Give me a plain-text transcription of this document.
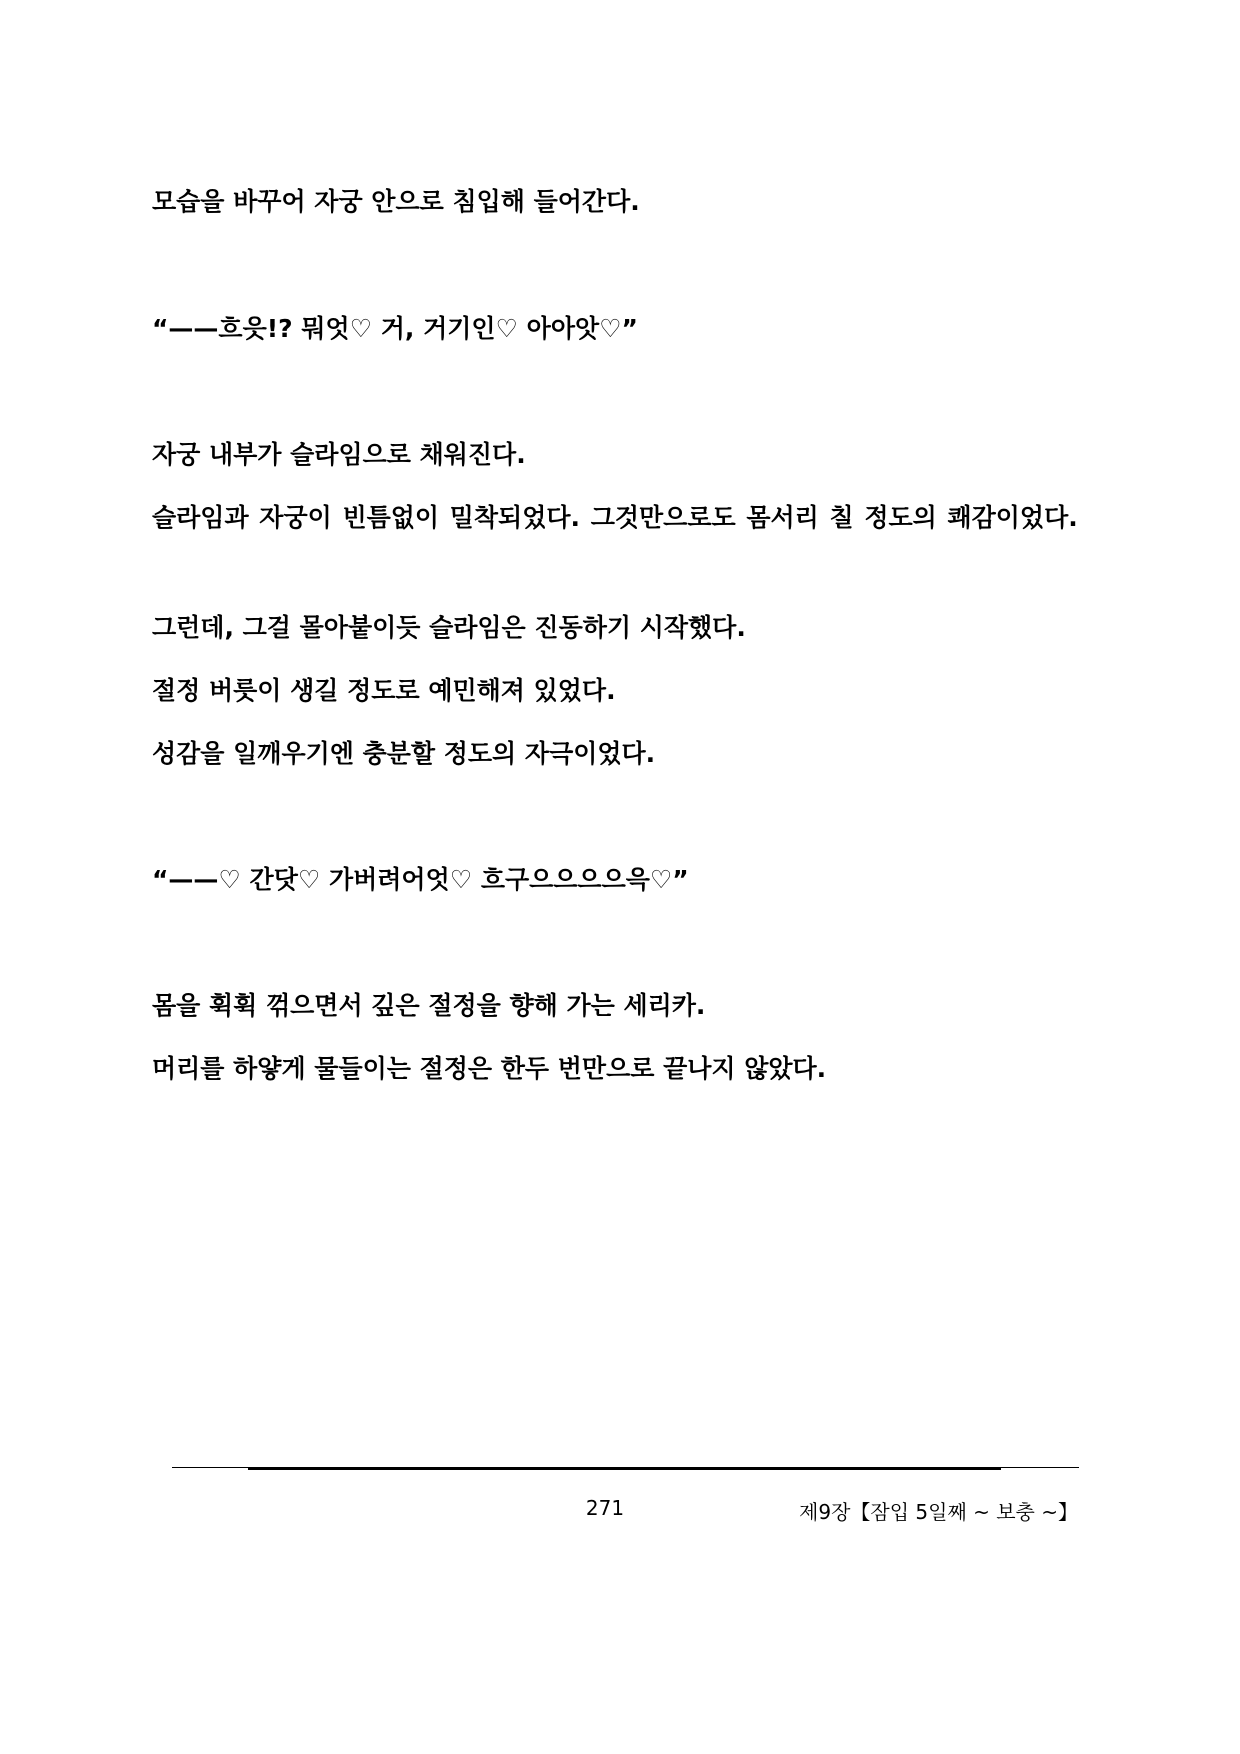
모습을 바꾸어 자궁 안으로 침입해 들어간다.

“——흐읏!? 뭐엇♡ 거, 거기인♡ 아아앗♡”

자궁 내부가 슬라임으로 채워진다.

슬라임과 자궁이 빈틈없이 밀착되었다. 그것만으로도 몸서리 칠 정도의 쾌감이었다.

그런데, 그걸 몰아붙이듯 슬라임은 진동하기 시작했다.

절정 버릇이 생길 정도로 예민해져 있었다.

성감을 일깨우기엔 충분할 정도의 자극이었다.

“——♡ 간닷♡ 가버려어엇♡ 흐구으으으으윽♡”

몸을 휙휙 꺾으면서 깊은 절정을 향해 가는 세리카.

머리를 하얗게 물들이는 절정은 한두 번만으로 끝나지 않았다.

271	제9장【잠입 5일째 ~ 보충 ~】
